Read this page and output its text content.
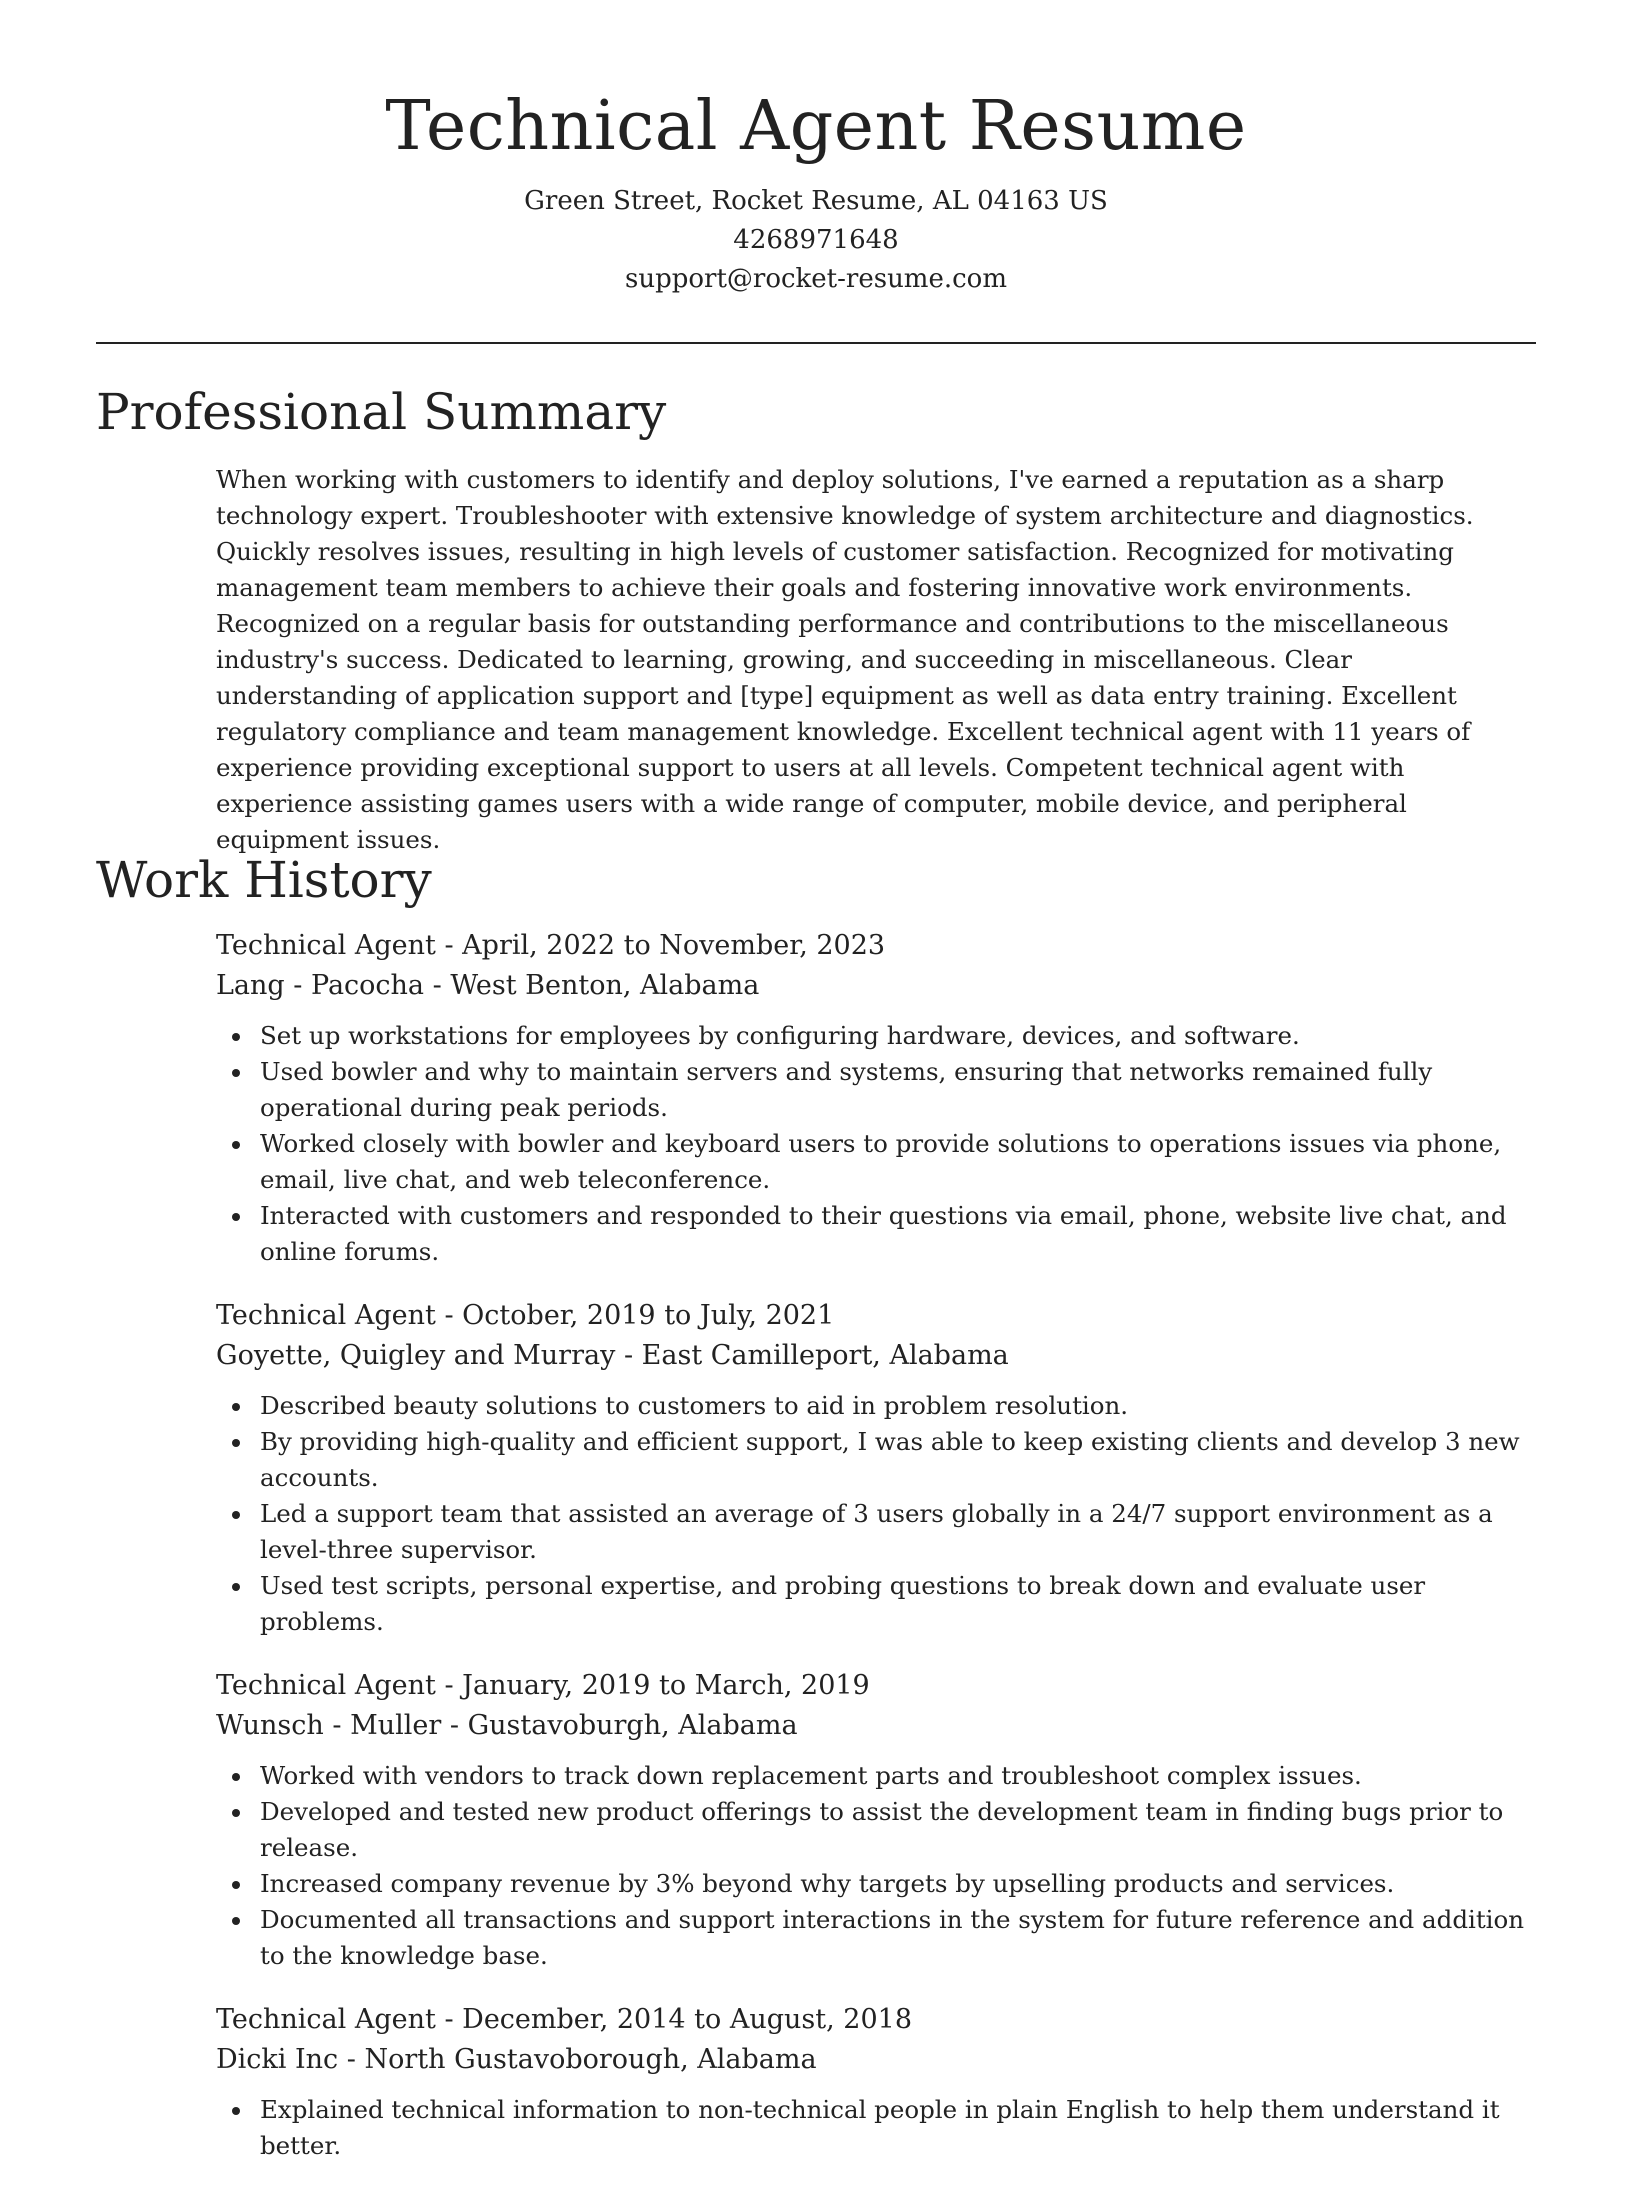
Technical Agent Resume

Green Street, Rocket Resume, AL 04163 US

4268971648

support@rocket-resume.com

Professional Summary

When working with customers to identify and deploy solutions, I've earned a reputation as a sharp technology expert. Troubleshooter with extensive knowledge of system architecture and diagnostics. Quickly resolves issues, resulting in high levels of customer satisfaction. Recognized for motivating management team members to achieve their goals and fostering innovative work environments. Recognized on a regular basis for outstanding performance and contributions to the miscellaneous industry's success. Dedicated to learning, growing, and succeeding in miscellaneous. Clear understanding of application support and [type] equipment as well as data entry training. Excellent regulatory compliance and team management knowledge. Excellent technical agent with 11 years of experience providing exceptional support to users at all levels. Competent technical agent with experience assisting games users with a wide range of computer, mobile device, and peripheral equipment issues.

Work History

Technical Agent - April, 2022 to November, 2023

Lang - Pacocha - West Benton, Alabama

Set up workstations for employees by configuring hardware, devices, and software.
Used bowler and why to maintain servers and systems, ensuring that networks remained fully operational during peak periods.
Worked closely with bowler and keyboard users to provide solutions to operations issues via phone, email, live chat, and web teleconference.
Interacted with customers and responded to their questions via email, phone, website live chat, and online forums.

Technical Agent - October, 2019 to July, 2021

Goyette, Quigley and Murray - East Camilleport, Alabama

Described beauty solutions to customers to aid in problem resolution.
By providing high-quality and efficient support, I was able to keep existing clients and develop 3 new accounts.
Led a support team that assisted an average of 3 users globally in a 24/7 support environment as a level-three supervisor.
Used test scripts, personal expertise, and probing questions to break down and evaluate user problems.

Technical Agent - January, 2019 to March, 2019

Wunsch - Muller - Gustavoburgh, Alabama

Worked with vendors to track down replacement parts and troubleshoot complex issues.
Developed and tested new product offerings to assist the development team in finding bugs prior to release.
Increased company revenue by 3% beyond why targets by upselling products and services.
Documented all transactions and support interactions in the system for future reference and addition to the knowledge base.

Technical Agent - December, 2014 to August, 2018

Dicki Inc - North Gustavoborough, Alabama

Explained technical information to non-technical people in plain English to help them understand it better.
